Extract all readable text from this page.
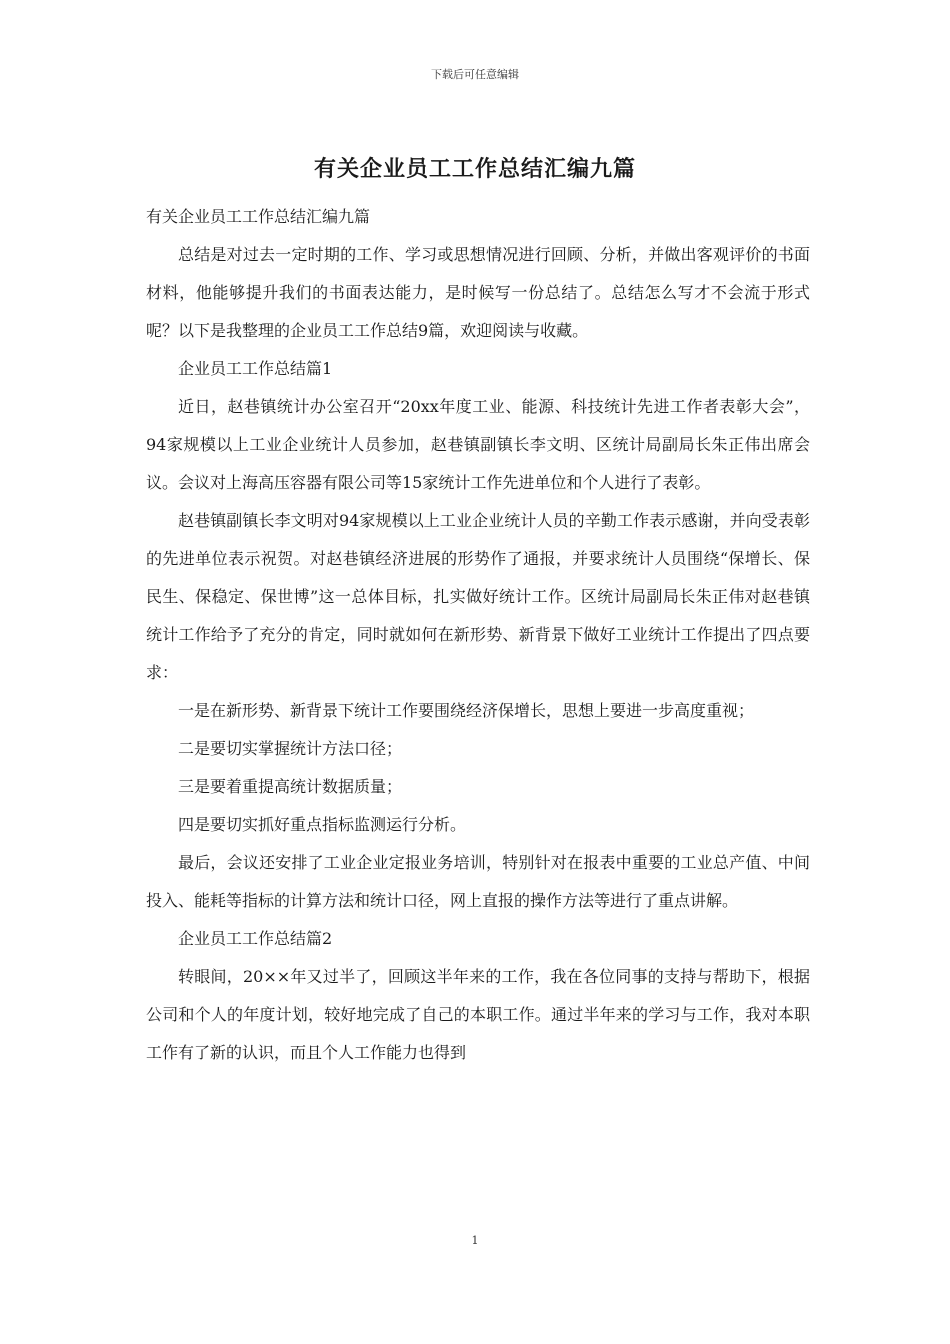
下载后可任意编辑
有关企业员工工作总结汇编九篇

有关企业员工工作总结汇编九篇

总结是对过去一定时期的工作、学习或思想情况进行回顾、分析，并做出客观评价的书面材料，他能够提升我们的书面表达能力，是时候写一份总结了。总结怎么写才不会流于形式呢？以下是我整理的企业员工工作总结9篇，欢迎阅读与收藏。

企业员工工作总结篇1

近日，赵巷镇统计办公室召开“20xx年度工业、能源、科技统计先进工作者表彰大会”，94家规模以上工业企业统计人员参加，赵巷镇副镇长李文明、区统计局副局长朱正伟出席会议。会议对上海高压容器有限公司等15家统计工作先进单位和个人进行了表彰。

赵巷镇副镇长李文明对94家规模以上工业企业统计人员的辛勤工作表示感谢，并向受表彰的先进单位表示祝贺。对赵巷镇经济进展的形势作了通报，并要求统计人员围绕“保增长、保民生、保稳定、保世博”这一总体目标，扎实做好统计工作。区统计局副局长朱正伟对赵巷镇统计工作给予了充分的肯定，同时就如何在新形势、新背景下做好工业统计工作提出了四点要求：

一是在新形势、新背景下统计工作要围绕经济保增长，思想上要进一步高度重视；

二是要切实掌握统计方法口径；

三是要着重提高统计数据质量；

四是要切实抓好重点指标监测运行分析。

最后，会议还安排了工业企业定报业务培训，特别针对在报表中重要的工业总产值、中间投入、能耗等指标的计算方法和统计口径，网上直报的操作方法等进行了重点讲解。

企业员工工作总结篇2

转眼间，20××年又过半了，回顾这半年来的工作，我在各位同事的支持与帮助下，根据公司和个人的年度计划，较好地完成了自己的本职工作。通过半年来的学习与工作，我对本职工作有了新的认识，而且个人工作能力也得到

1
